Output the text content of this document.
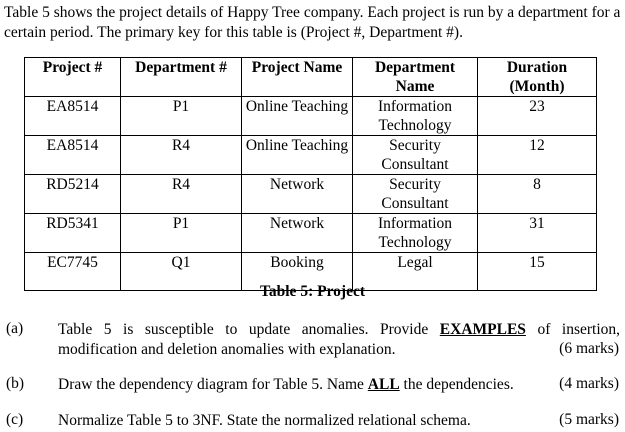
Table 5 shows the project details of Happy Tree company. Each project is run by a department for a certain period. The primary key for this table is (Project #, Department #).

Project #	Department #	Project Name	Department Name	Duration (Month)
EA8514	P1	Online Teaching	Information Technology	23
EA8514	R4	Online Teaching	Security Consultant	12
RD5214	R4	Network	Security Consultant	8
RD5341	P1	Network	Information Technology	31
EC7745	Q1	Booking	Legal	15
Table 5: Project
(a) Table 5 is susceptible to update anomalies. Provide EXAMPLES of insertion,
modification and deletion anomalies with explanation.	(6 marks)
(b) Draw the dependency diagram for Table 5. Name ALL the dependencies.	(4 marks)
(c) Normalize Table 5 to 3NF. State the normalized relational schema.	(5 marks)
